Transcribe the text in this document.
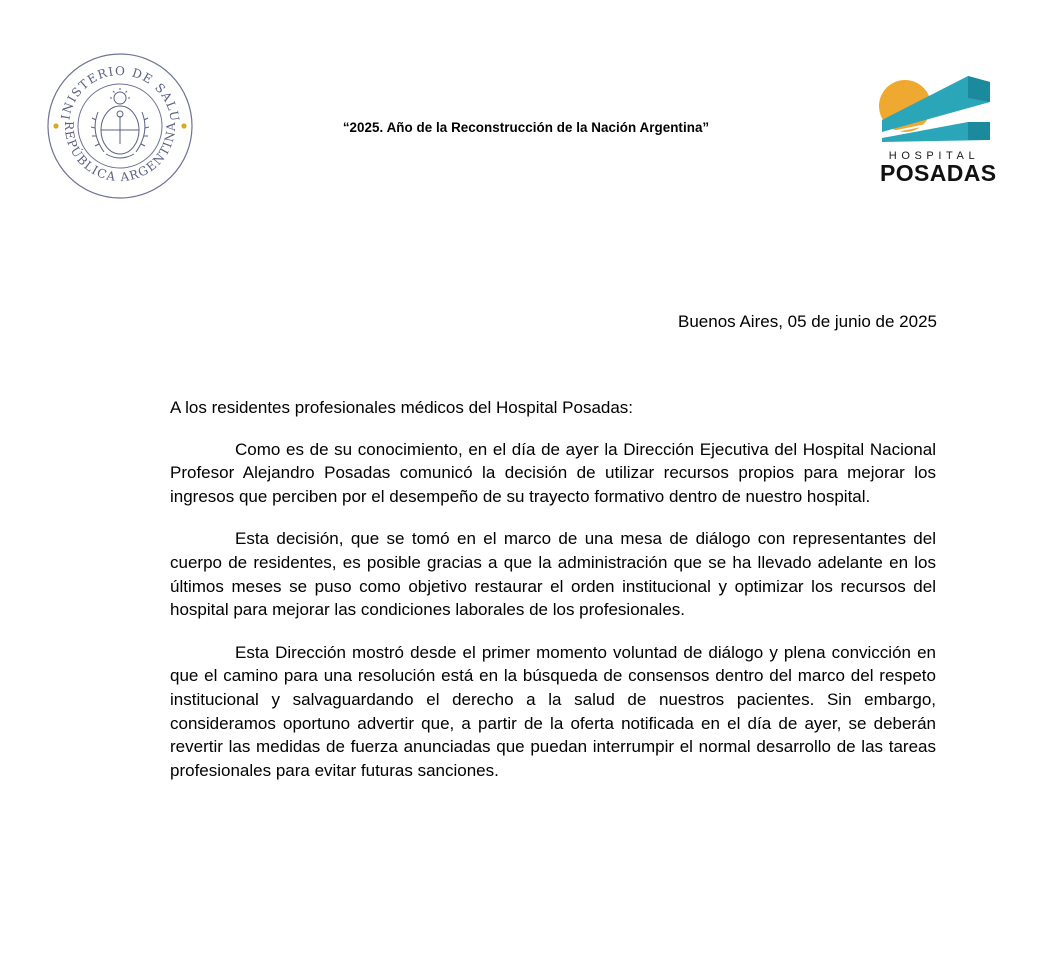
INISTERIO DE SALU
REPÚBLICA ARGENTINA	“2025. Año de la Reconstrucción de la Nación Argentina”
HOSPITAL
POSADAS
Buenos Aires, 05 de junio de 2025

A los residentes profesionales médicos del Hospital Posadas:

Como es de su conocimiento, en el día de ayer la Dirección Ejecutiva del Hospital Nacional Profesor Alejandro Posadas comunicó la decisión de utilizar recursos propios para mejorar los ingresos que perciben por el desempeño de su trayecto formativo dentro de nuestro hospital.

Esta decisión, que se tomó en el marco de una mesa de diálogo con representantes del cuerpo de residentes, es posible gracias a que la administración que se ha llevado adelante en los últimos meses se puso como objetivo restaurar el orden institucional y optimizar los recursos del hospital para mejorar las condiciones laborales de los profesionales.

Esta Dirección mostró desde el primer momento voluntad de diálogo y plena convicción en que el camino para una resolución está en la búsqueda de consensos dentro del marco del respeto institucional y salvaguardando el derecho a la salud de nuestros pacientes. Sin embargo, consideramos oportuno advertir que, a partir de la oferta notificada en el día de ayer, se deberán revertir las medidas de fuerza anunciadas que puedan interrumpir el normal desarrollo de las tareas profesionales para evitar futuras sanciones.
